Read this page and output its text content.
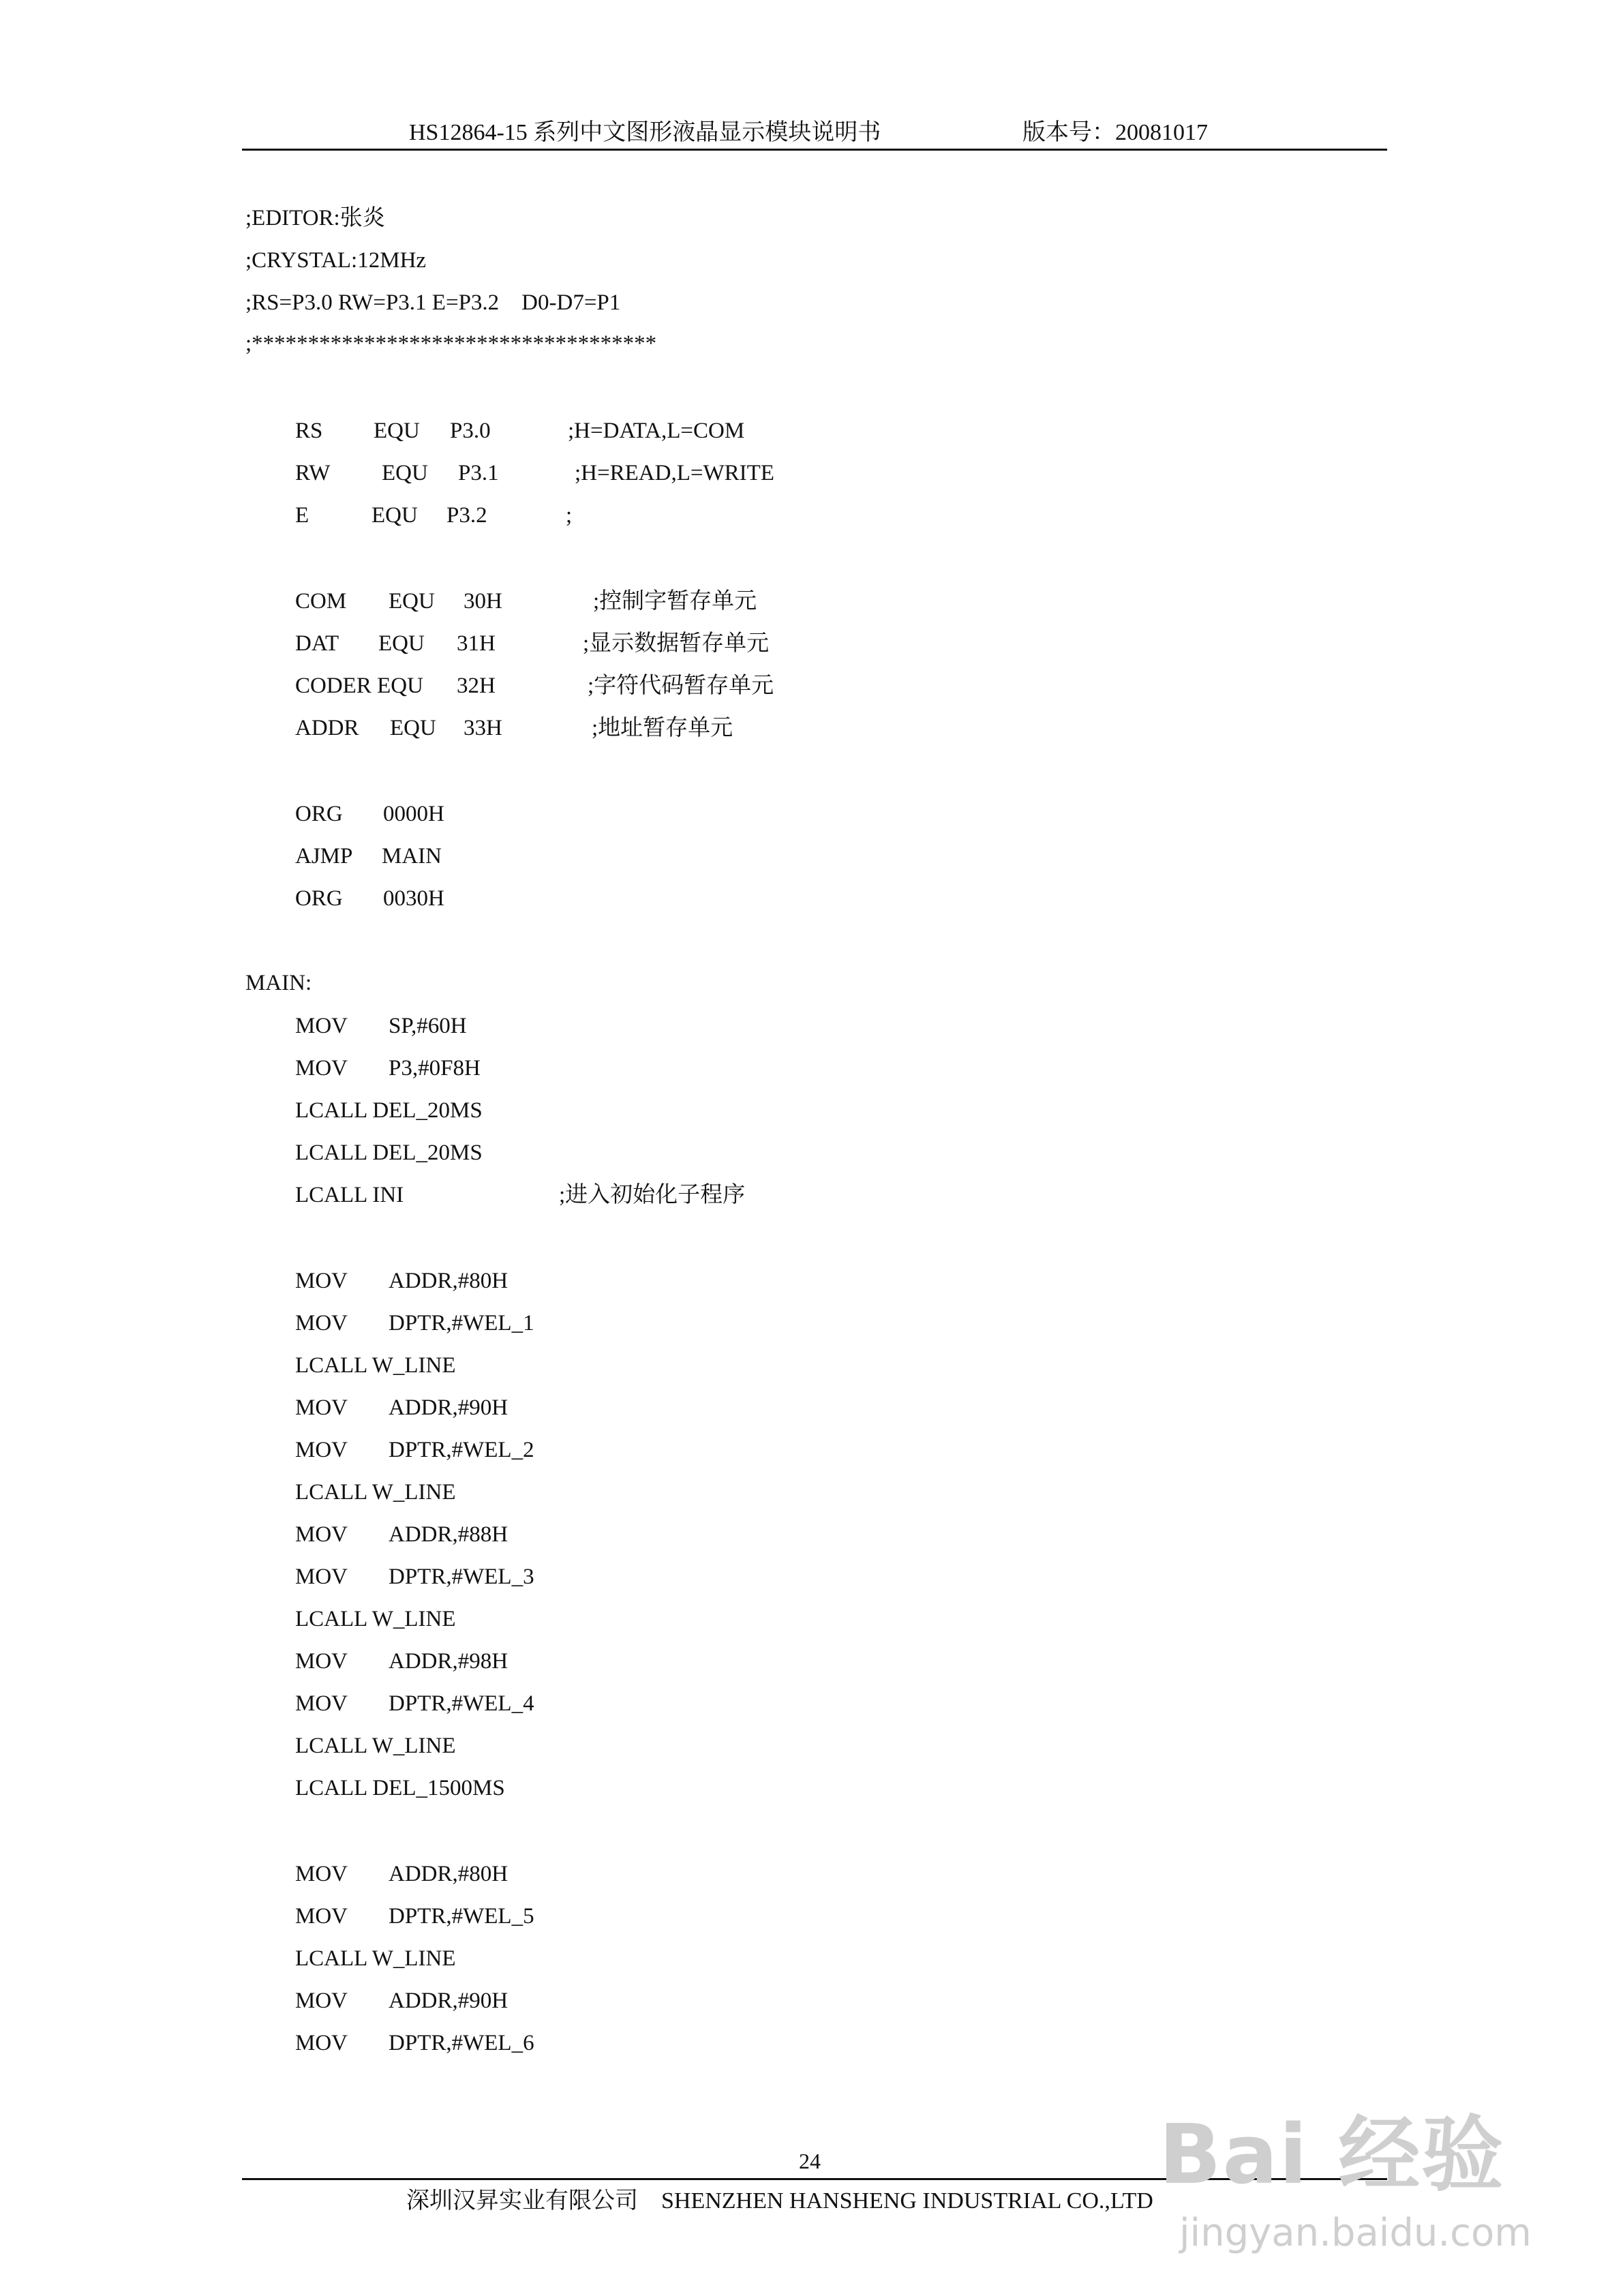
HS12864-15 系列中文图形液晶显示模块说明书	版本号：20081017
;EDITOR:张炎
;CRYSTAL:12MHz
;RS=P3.0 RW=P3.1 E=P3.2    D0-D7=P1
;************************************
RS EQU P3.0	;H=DATA,L=COM
RW EQU P3.1	;H=READ,L=WRITE
E	EQU P3.2	;
COM EQU 30H	;控制字暂存单元
DAT EQU 31H	;显示数据暂存单元
CODER EQU 32H	;字符代码暂存单元
ADDR EQU 33H	;地址暂存单元
ORG 0000H
AJMP MAIN
ORG 0030H
MAIN:
MOV SP,#60H
MOV P3,#0F8H
LCALL DEL_20MS
LCALL DEL_20MS
LCALL INI	;进入初始化子程序
MOV ADDR,#80H
MOV DPTR,#WEL_1
LCALL W_LINE
MOV ADDR,#90H
MOV DPTR,#WEL_2
LCALL W_LINE
MOV ADDR,#88H
MOV DPTR,#WEL_3
LCALL W_LINE
MOV ADDR,#98H
MOV DPTR,#WEL_4
LCALL W_LINE
LCALL DEL_1500MS
MOV ADDR,#80H
MOV DPTR,#WEL_5
LCALL W_LINE
MOV ADDR,#90H
MOV DPTR,#WEL_6
24
深圳汉昇实业有限公司    SHENZHEN HANSHENG INDUSTRIAL CO.,LTD Bai 经验
jingyan.baidu.com
